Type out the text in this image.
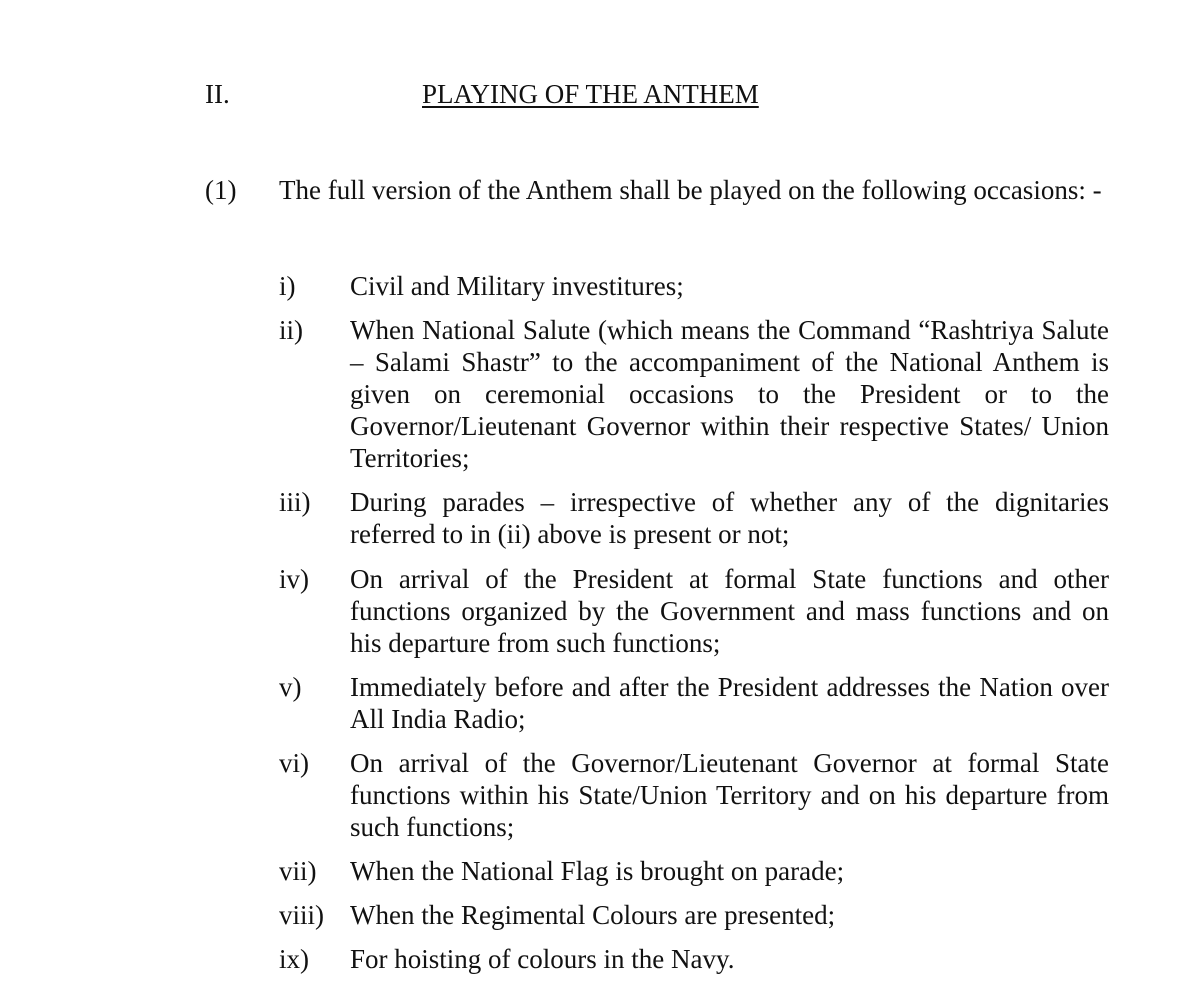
II.	PLAYING OF THE ANTHEM
(1) The full version of the Anthem shall be played on the following occasions: -
i) Civil and Military investitures;
ii) When National Salute (which means the Command “Rashtriya Salute – Salami Shastr” to the accompaniment of the National Anthem is given on ceremonial occasions to the President or to the Governor/Lieutenant Governor within their respective States/ Union Territories;
iii) During parades – irrespective of whether any of the dignitaries referred to in (ii) above is present or not;
iv) On arrival of the President at formal State functions and other functions organized by the Government and mass functions and on his departure from such functions;
v) Immediately before and after the President addresses the Nation over All India Radio;
vi) On arrival of the Governor/Lieutenant Governor at formal State functions within his State/Union Territory and on his departure from such functions;
vii) When the National Flag is brought on parade;
viii) When the Regimental Colours are presented;
ix) For hoisting of colours in the Navy.
